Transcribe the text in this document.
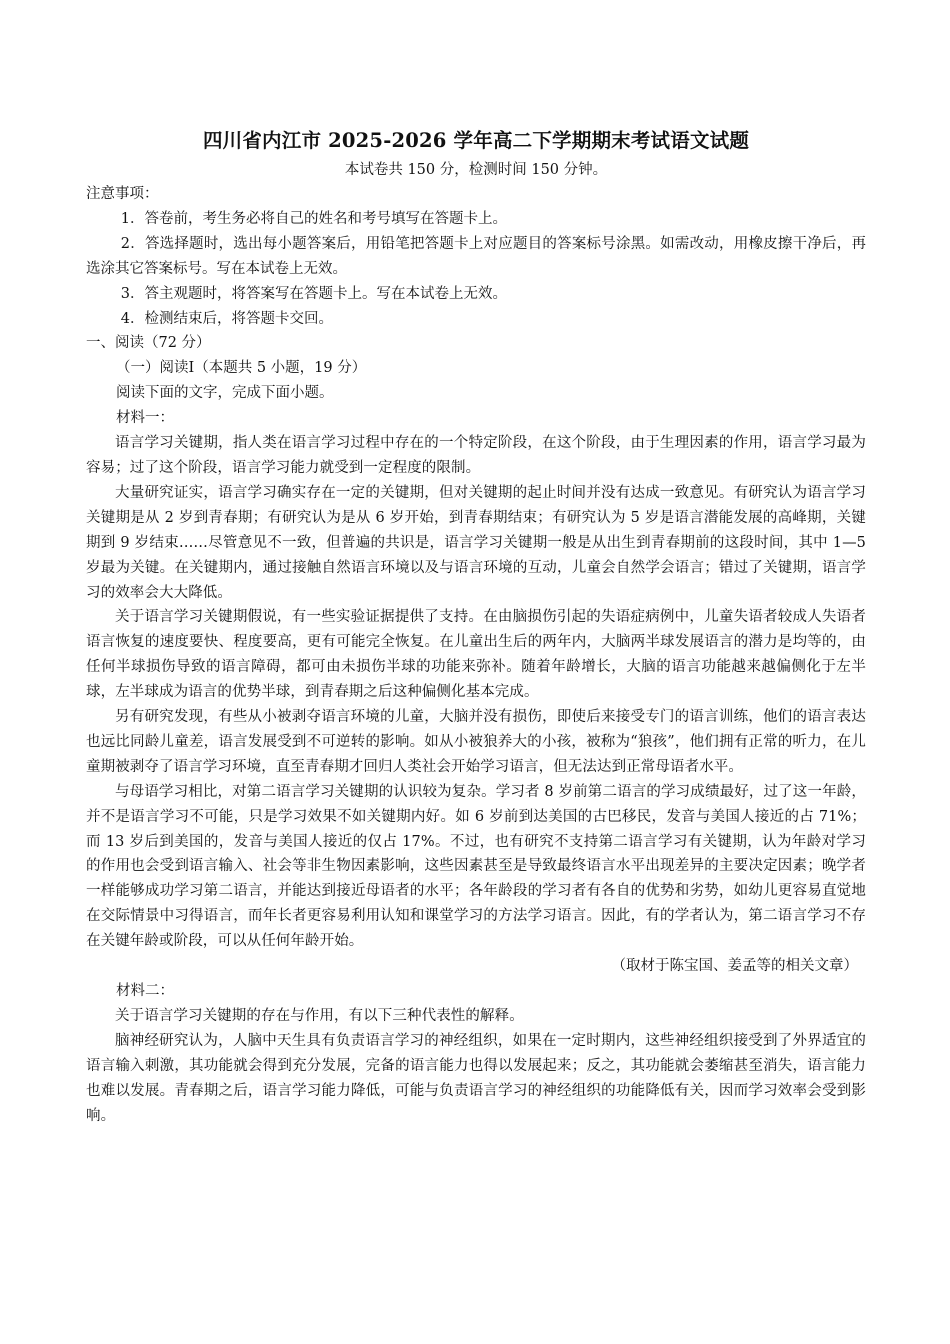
四川省内江市 2025-2026 学年高二下学期期末考试语文试题

本试卷共 150 分，检测时间 150 分钟。

注意事项：

1．答卷前，考生务必将自己的姓名和考号填写在答题卡上。

2．答选择题时，选出每小题答案后，用铅笔把答题卡上对应题目的答案标号涂黑。如需改动，用橡皮擦干净后，再选涂其它答案标号。写在本试卷上无效。

3．答主观题时，将答案写在答题卡上。写在本试卷上无效。

4．检测结束后，将答题卡交回。

一、阅读（72 分）

（一）阅读Ⅰ（本题共 5 小题，19 分）

阅读下面的文字，完成下面小题。

材料一：

语言学习关键期，指人类在语言学习过程中存在的一个特定阶段，在这个阶段，由于生理因素的作用，语言学习最为容易；过了这个阶段，语言学习能力就受到一定程度的限制。

大量研究证实，语言学习确实存在一定的关键期，但对关键期的起止时间并没有达成一致意见。有研究认为语言学习关键期是从 2 岁到青春期；有研究认为是从 6 岁开始，到青春期结束；有研究认为 5 岁是语言潜能发展的高峰期，关键期到 9 岁结束……尽管意见不一致，但普遍的共识是，语言学习关键期一般是从出生到青春期前的这段时间，其中 1—5 岁最为关键。在关键期内，通过接触自然语言环境以及与语言环境的互动，儿童会自然学会语言；错过了关键期，语言学习的效率会大大降低。

关于语言学习关键期假说，有一些实验证据提供了支持。在由脑损伤引起的失语症病例中，儿童失语者较成人失语者语言恢复的速度要快、程度要高，更有可能完全恢复。在儿童出生后的两年内，大脑两半球发展语言的潜力是均等的，由任何半球损伤导致的语言障碍，都可由未损伤半球的功能来弥补。随着年龄增长，大脑的语言功能越来越偏侧化于左半球，左半球成为语言的优势半球，到青春期之后这种偏侧化基本完成。

另有研究发现，有些从小被剥夺语言环境的儿童，大脑并没有损伤，即使后来接受专门的语言训练，他们的语言表达也远比同龄儿童差，语言发展受到不可逆转的影响。如从小被狼养大的小孩，被称为“狼孩”，他们拥有正常的听力，在儿童期被剥夺了语言学习环境，直至青春期才回归人类社会开始学习语言，但无法达到正常母语者水平。

与母语学习相比，对第二语言学习关键期的认识较为复杂。学习者 8 岁前第二语言的学习成绩最好，过了这一年龄，并不是语言学习不可能，只是学习效果不如关键期内好。如 6 岁前到达美国的古巴移民，发音与美国人接近的占 71%；而 13 岁后到美国的，发音与美国人接近的仅占 17%。不过，也有研究不支持第二语言学习有关键期，认为年龄对学习的作用也会受到语言输入、社会等非生物因素影响，这些因素甚至是导致最终语言水平出现差异的主要决定因素；晚学者一样能够成功学习第二语言，并能达到接近母语者的水平；各年龄段的学习者有各自的优势和劣势，如幼儿更容易直觉地在交际情景中习得语言，而年长者更容易利用认知和课堂学习的方法学习语言。因此，有的学者认为，第二语言学习不存在关键年龄或阶段，可以从任何年龄开始。

（取材于陈宝国、姜孟等的相关文章）

材料二：

关于语言学习关键期的存在与作用，有以下三种代表性的解释。

脑神经研究认为，人脑中天生具有负责语言学习的神经组织，如果在一定时期内，这些神经组织接受到了外界适宜的语言输入刺激，其功能就会得到充分发展，完备的语言能力也得以发展起来；反之，其功能就会萎缩甚至消失，语言能力也难以发展。青春期之后，语言学习能力降低，可能与负责语言学习的神经组织的功能降低有关，因而学习效率会受到影响。
